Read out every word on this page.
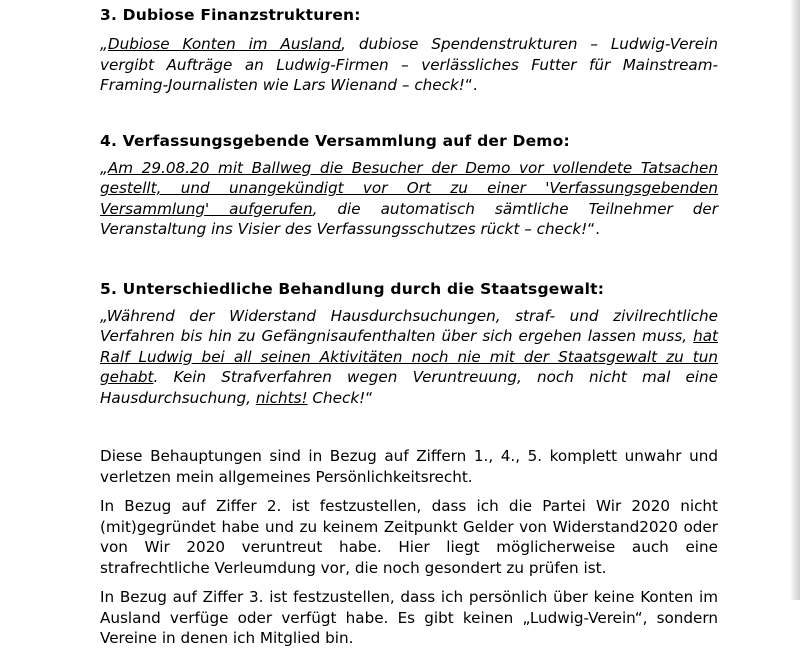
3. Dubiose Finanzstrukturen:

„Dubiose Konten im Ausland, dubiose Spendenstrukturen – Ludwig-Verein vergibt Aufträge an Ludwig-Firmen – verlässliches Futter für Mainstream-Framing-Journalisten wie Lars Wienand – check!“.

4. Verfassungsgebende Versammlung auf der Demo:

„Am 29.08.20 mit Ballweg die Besucher der Demo vor vollendete Tatsachen gestellt, und unangekündigt vor Ort zu einer 'Verfassungsgebenden Versammlung' aufgerufen, die automatisch sämtliche Teilnehmer der Veranstaltung ins Visier des Verfassungsschutzes rückt – check!“.

5. Unterschiedliche Behandlung durch die Staatsgewalt:

„Während der Widerstand Hausdurchsuchungen, straf- und zivilrechtliche Verfahren bis hin zu Gefängnisaufenthalten über sich ergehen lassen muss, hat Ralf Ludwig bei all seinen Aktivitäten noch nie mit der Staatsgewalt zu tun gehabt. Kein Strafverfahren wegen Veruntreuung, noch nicht mal eine Hausdurchsuchung, nichts! Check!“

Diese Behauptungen sind in Bezug auf Ziffern 1., 4., 5. komplett unwahr und verletzen mein allgemeines Persönlichkeitsrecht.

In Bezug auf Ziffer 2. ist festzustellen, dass ich die Partei Wir 2020 nicht (mit)gegründet habe und zu keinem Zeitpunkt Gelder von Widerstand2020 oder von Wir 2020 veruntreut habe. Hier liegt möglicherweise auch eine strafrechtliche Verleumdung vor, die noch gesondert zu prüfen ist.

In Bezug auf Ziffer 3. ist festzustellen, dass ich persönlich über keine Konten im Ausland verfüge oder verfügt habe. Es gibt keinen „Ludwig-Verein“, sondern Vereine in denen ich Mitglied bin.
